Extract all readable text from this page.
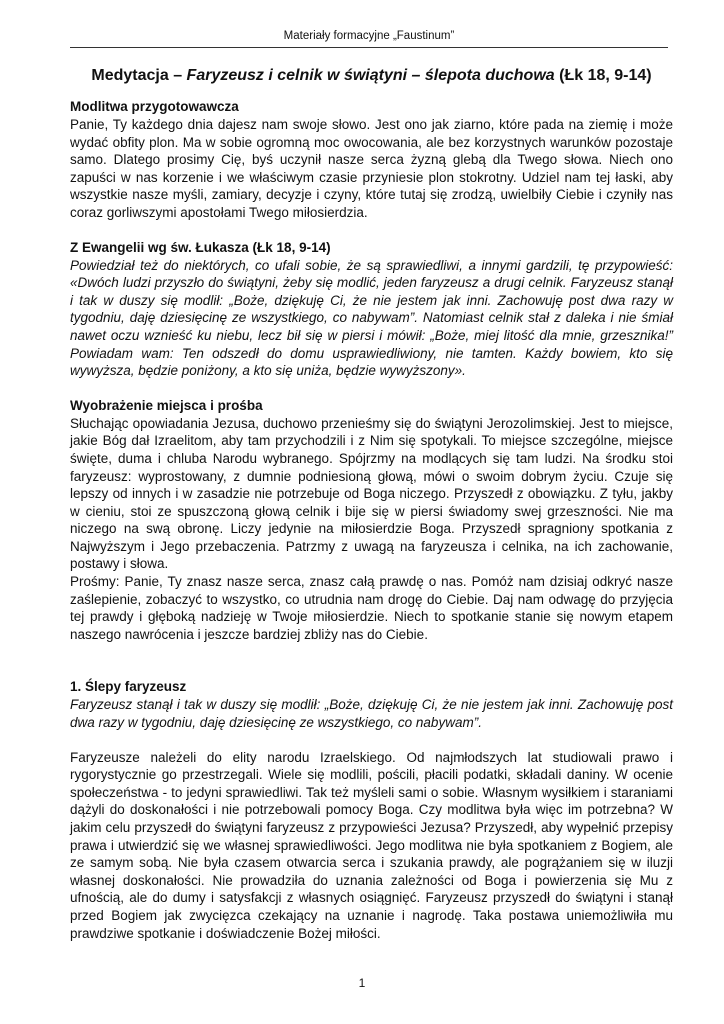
Materiały formacyjne „Faustinum”
Medytacja – Faryzeusz i celnik w świątyni – ślepota duchowa (Łk 18, 9-14)
Modlitwa przygotowawcza

Panie, Ty każdego dnia dajesz nam swoje słowo. Jest ono jak ziarno, które pada na ziemię i może wydać obfity plon. Ma w sobie ogromną moc owocowania, ale bez korzystnych warunków pozostaje samo. Dlatego prosimy Cię, byś uczynił nasze serca żyzną glebą dla Twego słowa. Niech ono zapuści w nas korzenie i we właściwym czasie przyniesie plon stokrotny. Udziel nam tej łaski, aby wszystkie nasze myśli, zamiary, decyzje i czyny, które tutaj się zrodzą, uwielbiły Ciebie i czyniły nas coraz gorliwszymi apostołami Twego miłosierdzia.

Z Ewangelii wg św. Łukasza (Łk 18, 9-14)

Powiedział też do niektórych, co ufali sobie, że są sprawiedliwi, a innymi gardzili, tę przypowieść: «Dwóch ludzi przyszło do świątyni, żeby się modlić, jeden faryzeusz a drugi celnik. Faryzeusz stanął i tak w duszy się modlił: „Boże, dziękuję Ci, że nie jestem jak inni. Zachowuję post dwa razy w tygodniu, daję dziesięcinę ze wszystkiego, co nabywam”. Natomiast celnik stał z daleka i nie śmiał nawet oczu wznieść ku niebu, lecz bił się w piersi i mówił: „Boże, miej litość dla mnie, grzesznika!” Powiadam wam: Ten odszedł do domu usprawiedliwiony, nie tamten. Każdy bowiem, kto się wywyższa, będzie poniżony, a kto się uniża, będzie wywyższony».

Wyobrażenie miejsca i prośba

Słuchając opowiadania Jezusa, duchowo przenieśmy się do świątyni Jerozolimskiej. Jest to miejsce, jakie Bóg dał Izraelitom, aby tam przychodzili i z Nim się spotykali. To miejsce szczególne, miejsce święte, duma i chluba Narodu wybranego. Spójrzmy na modlących się tam ludzi. Na środku stoi faryzeusz: wyprostowany, z dumnie podniesioną głową, mówi o swoim dobrym życiu. Czuje się lepszy od innych i w zasadzie nie potrzebuje od Boga niczego. Przyszedł z obowiązku. Z tyłu, jakby w cieniu, stoi ze spuszczoną głową celnik i bije się w piersi świadomy swej grzeszności. Nie ma niczego na swą obronę. Liczy jedynie na miłosierdzie Boga. Przyszedł spragniony spotkania z Najwyższym i Jego przebaczenia. Patrzmy z uwagą na faryzeusza i celnika, na ich zachowanie, postawy i słowa.

Prośmy: Panie, Ty znasz nasze serca, znasz całą prawdę o nas. Pomóż nam dzisiaj odkryć nasze zaślepienie, zobaczyć to wszystko, co utrudnia nam drogę do Ciebie. Daj nam odwagę do przyjęcia tej prawdy i głęboką nadzieję w Twoje miłosierdzie. Niech to spotkanie stanie się nowym etapem naszego nawrócenia i jeszcze bardziej zbliży nas do Ciebie.

1. Ślepy faryzeusz

Faryzeusz stanął i tak w duszy się modlił: „Boże, dziękuję Ci, że nie jestem jak inni. Zachowuję post dwa razy w tygodniu, daję dziesięcinę ze wszystkiego, co nabywam”.

Faryzeusze należeli do elity narodu Izraelskiego. Od najmłodszych lat studiowali prawo i rygorystycznie go przestrzegali. Wiele się modlili, pościli, płacili podatki, składali daniny. W ocenie społeczeństwa - to jedyni sprawiedliwi. Tak też myśleli sami o sobie. Własnym wysiłkiem i staraniami dążyli do doskonałości i nie potrzebowali pomocy Boga. Czy modlitwa była więc im potrzebna? W jakim celu przyszedł do świątyni faryzeusz z przypowieści Jezusa? Przyszedł, aby wypełnić przepisy prawa i utwierdzić się we własnej sprawiedliwości. Jego modlitwa nie była spotkaniem z Bogiem, ale ze samym sobą. Nie była czasem otwarcia serca i szukania prawdy, ale pogrążaniem się w iluzji własnej doskonałości. Nie prowadziła do uznania zależności od Boga i powierzenia się Mu z ufnością, ale do dumy i satysfakcji z własnych osiągnięć. Faryzeusz przyszedł do świątyni i stanął przed Bogiem jak zwycięzca czekający na uznanie i nagrodę. Taka postawa uniemożliwiła mu prawdziwe spotkanie i doświadczenie Bożej miłości.

1
